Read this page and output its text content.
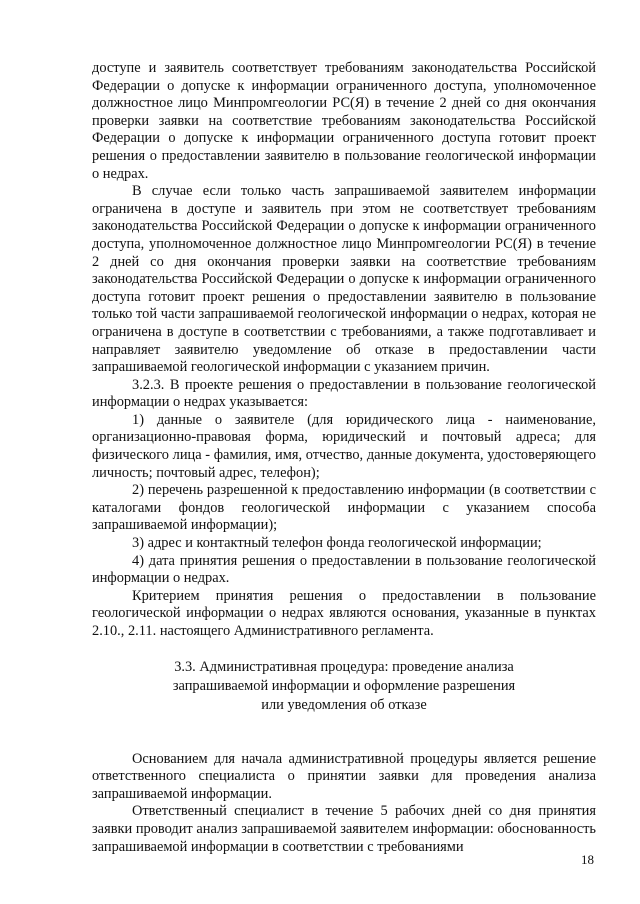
доступе и заявитель соответствует требованиям законодательства Российской Федерации о допуске к информации ограниченного доступа, уполномоченное должностное лицо Минпромгеологии РС(Я) в течение 2 дней со дня окончания проверки заявки на соответствие требованиям законодательства Российской Федерации о допуске к информации ограниченного доступа готовит проект решения о предоставлении заявителю в пользование геологической информации о недрах.

В случае если только часть запрашиваемой заявителем информации ограничена в доступе и заявитель при этом не соответствует требованиям законодательства Российской Федерации о допуске к информации ограниченного доступа, уполномоченное должностное лицо Минпромгеологии РС(Я) в течение 2 дней со дня окончания проверки заявки на соответствие требованиям законодательства Российской Федерации о допуске к информации ограниченного доступа готовит проект решения о предоставлении заявителю в пользование только той части запрашиваемой геологической информации о недрах, которая не ограничена в доступе в соответствии с требованиями, а также подготавливает и направляет заявителю уведомление об отказе в предоставлении части запрашиваемой геологической информации с указанием причин.

3.2.3. В проекте решения о предоставлении в пользование геологической информации о недрах указывается:

1) данные о заявителе (для юридического лица - наименование, организационно-правовая форма, юридический и почтовый адреса; для физического лица - фамилия, имя, отчество, данные документа, удостоверяющего личность; почтовый адрес, телефон);

2) перечень разрешенной к предоставлению информации (в соответствии с каталогами фондов геологической информации с указанием способа запрашиваемой информации);

3) адрес и контактный телефон фонда геологической информации;

4) дата принятия решения о предоставлении в пользование геологической информации о недрах.

Критерием принятия решения о предоставлении в пользование геологической информации о недрах являются основания, указанные в пунктах 2.10., 2.11. настоящего Административного регламента.

3.3. Административная процедура: проведение анализа
запрашиваемой информации и оформление разрешения
или уведомления об отказе

Основанием для начала административной процедуры является решение ответственного специалиста о принятии заявки для проведения анализа запрашиваемой информации.

Ответственный специалист в течение 5 рабочих дней со дня принятия заявки проводит анализ запрашиваемой заявителем информации: обоснованность запрашиваемой информации в соответствии с требованиями

18
